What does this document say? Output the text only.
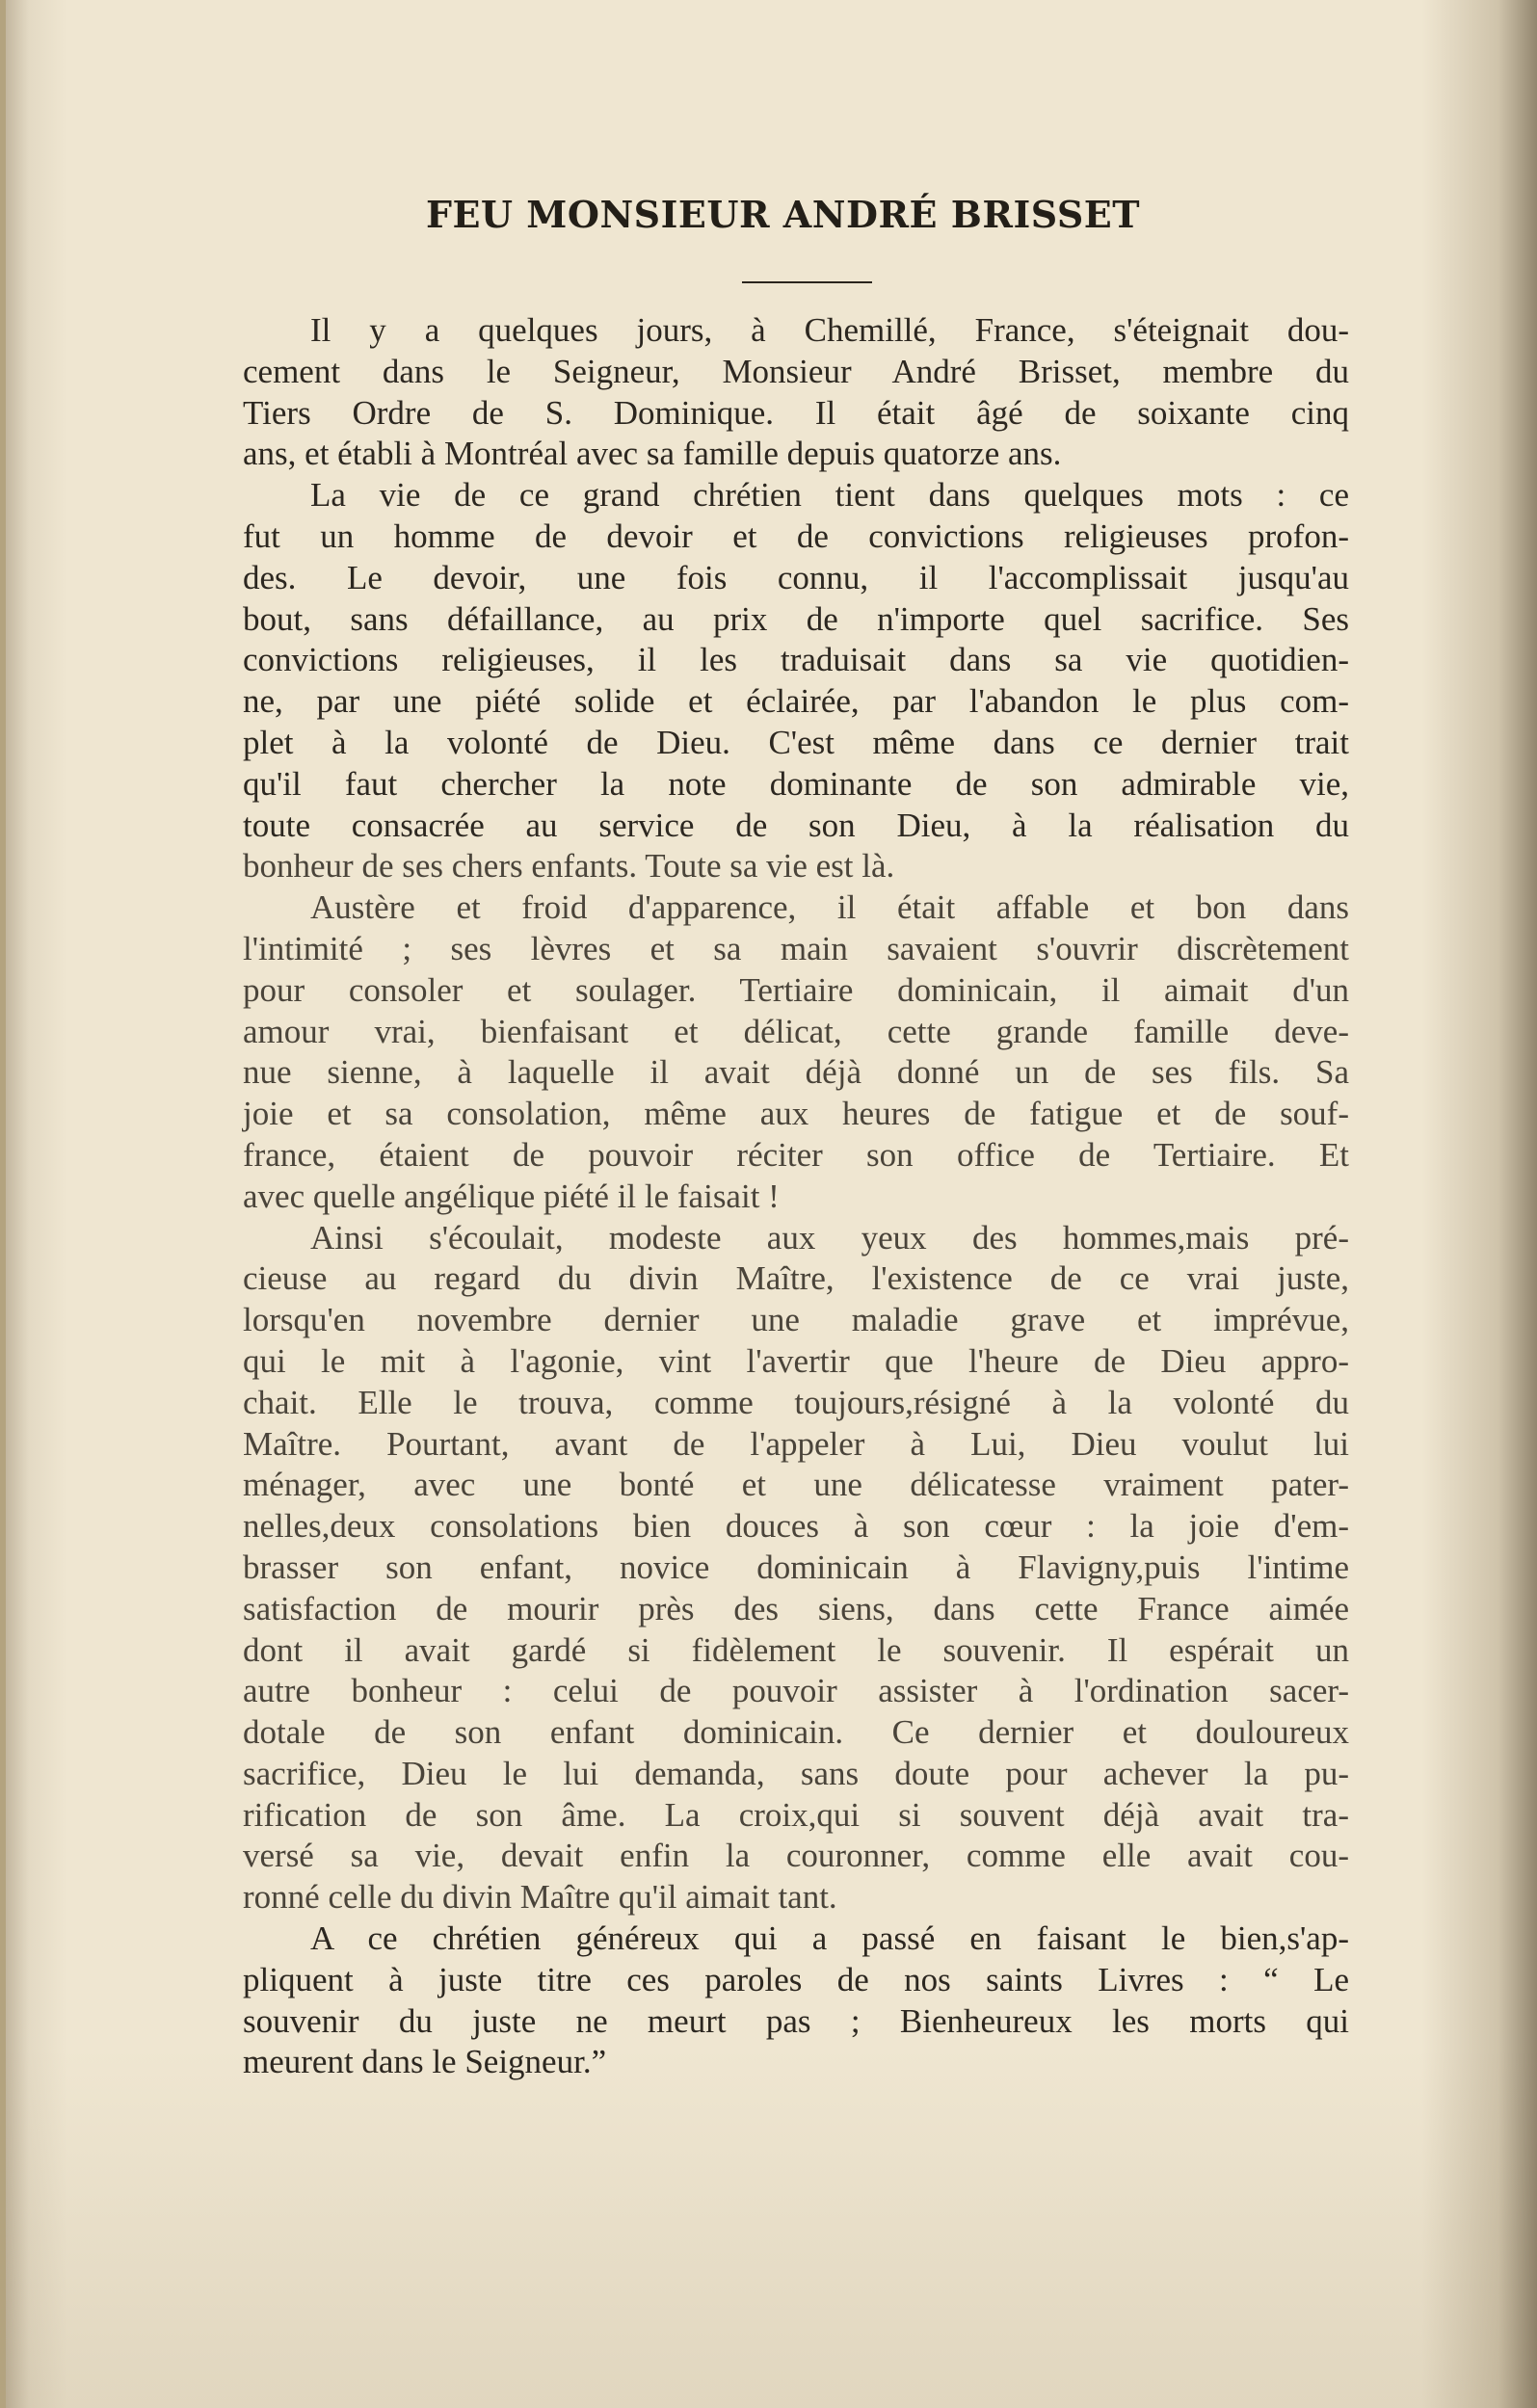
FEU MONSIEUR ANDRÉ BRISSET
Il y a quelques jours, à Chemillé, France, s'éteignait dou-
cement dans le Seigneur, Monsieur André Brisset, membre du
Tiers Ordre de S. Dominique. Il était âgé de soixante cinq
ans, et établi à Montréal avec sa famille depuis quatorze ans.
La vie de ce grand chrétien tient dans quelques mots : ce
fut un homme de devoir et de convictions religieuses profon-
des. Le devoir, une fois connu, il l'accomplissait jusqu'au
bout, sans défaillance, au prix de n'importe quel sacrifice. Ses
convictions religieuses, il les traduisait dans sa vie quotidien-
ne, par une piété solide et éclairée, par l'abandon le plus com-
plet à la volonté de Dieu. C'est même dans ce dernier trait
qu'il faut chercher la note dominante de son admirable vie,
toute consacrée au service de son Dieu, à la réalisation du
bonheur de ses chers enfants. Toute sa vie est là.
Austère et froid d'apparence, il était affable et bon dans
l'intimité ; ses lèvres et sa main savaient s'ouvrir discrètement
pour consoler et soulager. Tertiaire dominicain, il aimait d'un
amour vrai, bienfaisant et délicat, cette grande famille deve-
nue sienne, à laquelle il avait déjà donné un de ses fils. Sa
joie et sa consolation, même aux heures de fatigue et de souf-
france, étaient de pouvoir réciter son office de Tertiaire. Et
avec quelle angélique piété il le faisait !
Ainsi s'écoulait, modeste aux yeux des hommes,mais pré-
cieuse au regard du divin Maître, l'existence de ce vrai juste,
lorsqu'en novembre dernier une maladie grave et imprévue,
qui le mit à l'agonie, vint l'avertir que l'heure de Dieu appro-
chait. Elle le trouva, comme toujours,résigné à la volonté du
Maître. Pourtant, avant de l'appeler à Lui, Dieu voulut lui
ménager, avec une bonté et une délicatesse vraiment pater-
nelles,deux consolations bien douces à son cœur : la joie d'em-
brasser son enfant, novice dominicain à Flavigny,puis l'intime
satisfaction de mourir près des siens, dans cette France aimée
dont il avait gardé si fidèlement le souvenir. Il espérait un
autre bonheur : celui de pouvoir assister à l'ordination sacer-
dotale de son enfant dominicain. Ce dernier et douloureux
sacrifice, Dieu le lui demanda, sans doute pour achever la pu-
rification de son âme. La croix,qui si souvent déjà avait tra-
versé sa vie, devait enfin la couronner, comme elle avait cou-
ronné celle du divin Maître qu'il aimait tant.
A ce chrétien généreux qui a passé en faisant le bien,s'ap-
pliquent à juste titre ces paroles de nos saints Livres : “ Le
souvenir du juste ne meurt pas ; Bienheureux les morts qui
meurent dans le Seigneur.”
